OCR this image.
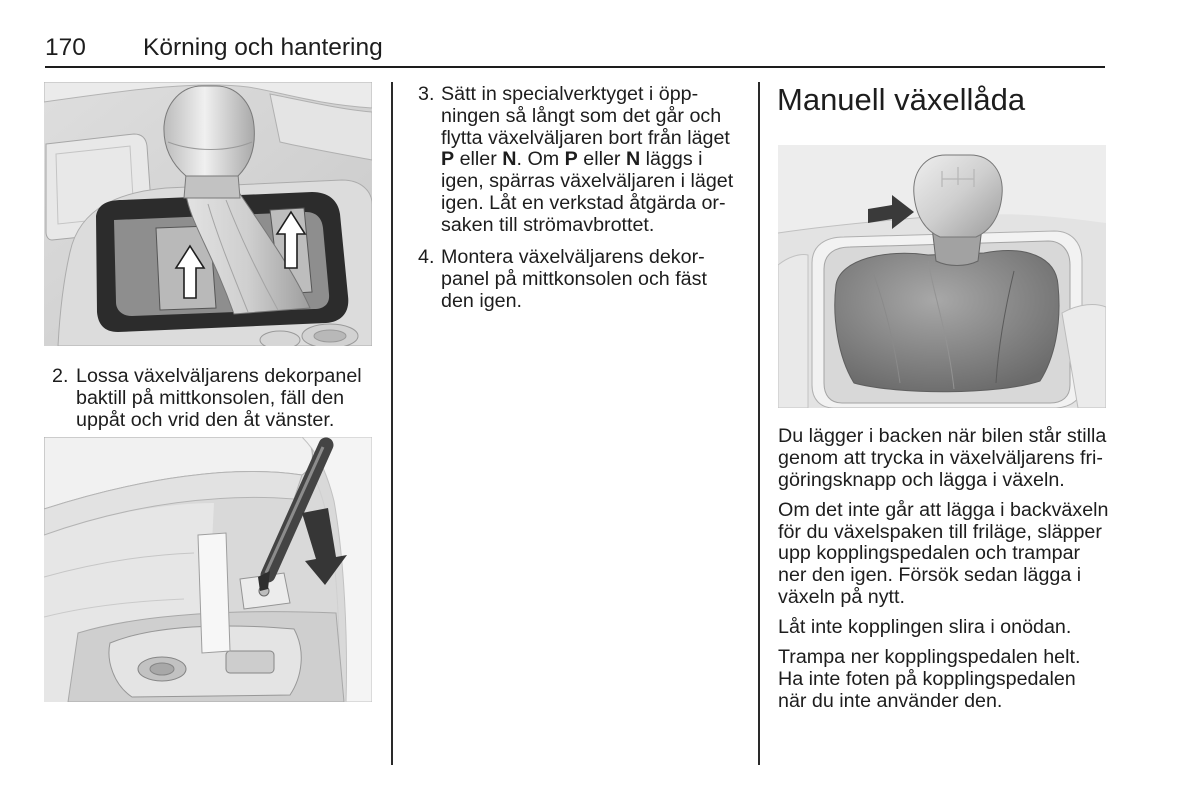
170 Körning och hantering
2. Lossa växelväljarens dekorpanel
baktill på mittkonsolen, fäll den
uppåt och vrid den åt vänster.
3. Sätt in specialverktyget i öpp-
ningen så långt som det går och
flytta växelväljaren bort från läget
P eller N. Om P eller N läggs i
igen, spärras växelväljaren i läget
igen. Låt en verkstad åtgärda or-
saken till strömavbrottet.
4. Montera växelväljarens dekor-
panel på mittkonsolen och fäst
den igen.
Manuell växellåda
Du lägger i backen när bilen står stilla
genom att trycka in växelväljarens fri-
göringsknapp och lägga i växeln.
Om det inte går att lägga i backväxeln
för du växelspaken till friläge, släpper
upp kopplingspedalen och trampar
ner den igen. Försök sedan lägga i
växeln på nytt.
Låt inte kopplingen slira i onödan.
Trampa ner kopplingspedalen helt.
Ha inte foten på kopplingspedalen
när du inte använder den.
